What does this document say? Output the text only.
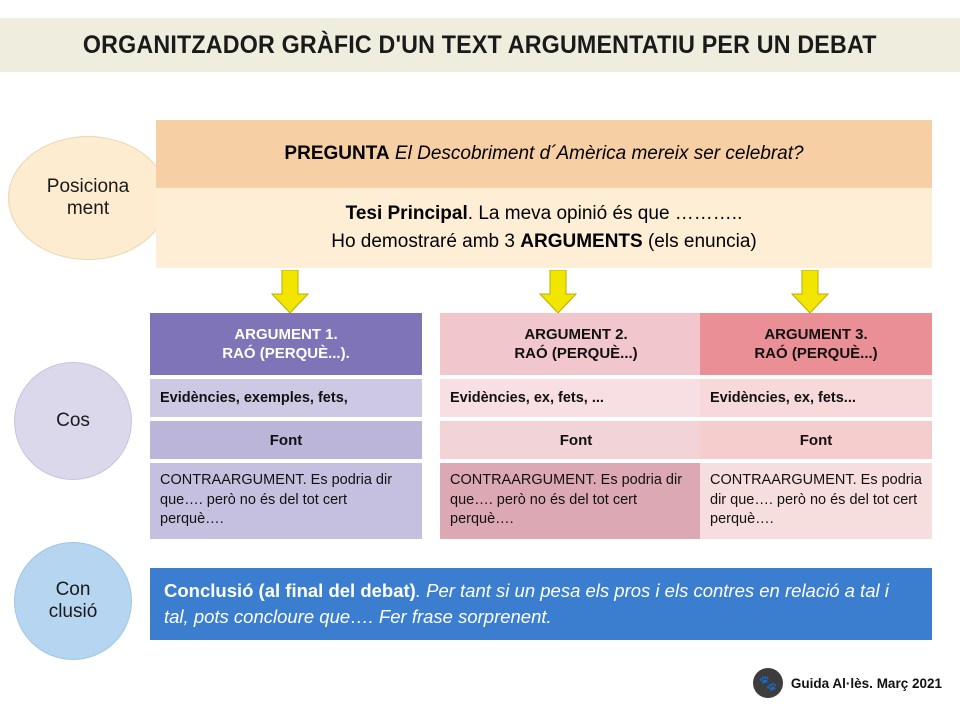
ORGANITZADOR GRÀFIC D'UN TEXT ARGUMENTATIU PER UN DEBAT
Posiciona
ment
Cos
Con
clusió
PREGUNTA El Descobriment d´Amèrica mereix ser celebrat?
Tesi Principal. La meva opinió és que ………..
Ho demostraré amb 3 ARGUMENTS (els enuncia)
ARGUMENT 1.
RAÓ (PERQUÈ...).
Evidències, exemples, fets,
Font
CONTRAARGUMENT. Es podria dir que…. però no és del tot cert perquè….
ARGUMENT 2.
RAÓ (PERQUÈ...)
Evidències, ex, fets, ...
Font
CONTRAARGUMENT. Es podria dir que…. però no és del tot cert perquè….
ARGUMENT 3.
RAÓ (PERQUÈ...)
Evidències, ex, fets...
Font
CONTRAARGUMENT. Es podria dir que…. però no és del tot cert perquè….
Conclusió (al final del debat). Per tant si un pesa els pros i els contres en relació a tal i tal, pots concloure que…. Fer frase sorprenent.
🐾	Guida Al·lès. Març 2021
